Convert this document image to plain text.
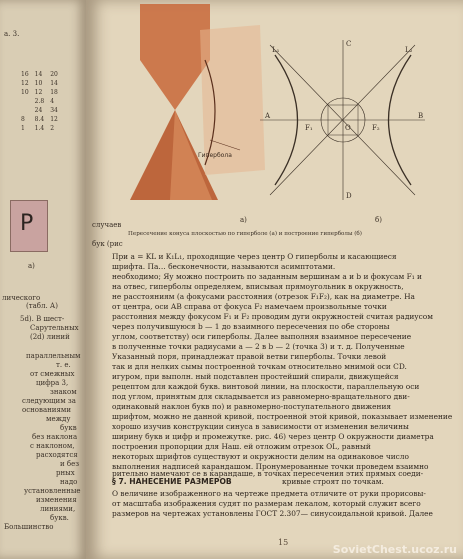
а. 3.
16	14	20
12	10	14
10	12	18
	2.8	4
	24	34
8	8.4	12
1	1.4	2
Р
а)
лического
(табл. А)
Сарутельных
5d). В шест-
(2d) линий
параллельным
т. е.
от смежных
цифра 3,
знаком
следующим за
основаниями
между
букв
без наклона
с наклоном,
расходятся
и без
рных
надо
установленные
изменения
линиями,
букв.
Большинство
Гипербола
A	B
C
D
O
F₁	F₂
L₁	L₂
а)	б)
случаев
Пересечение конуса плоскостью по гиперболе (а) и построение гиперболы (б)
бук (рис
При а = KL и K₁L₁, проходящие через центр О гиперболы и касающиеся
шрифта. Па… бесконечности, называются асимптотами.
необходимо; Яу можно построить по заданным вершинам а и b и фокусам F₁ и
на отвес, гиперболы определяем, вписывая прямоугольник в окружность,
не расстояниям (а фокусами расстояния (отрезок F₁F₂), как на диаметре. На
от центра, оси АВ справа от фокуса F₂ намечаем произвольные точки
расстояния между фокусом F₁ и F₂ проводим дуги окружностей считая радиусом
через получившуюся b — 1 до взаимного пересечения по обе стороны
углом, соответству) оси гиперболы. Далее выполняя взаимное пересечение
в полученные точки радиусами а — 2 в b — 2 (точка 3) и т. д. Полученные
Указанный поря, принадлежат правой ветви гиперболы. Точки левой
так и для нелких сымы построенной точкам относительно мнимой оси CD.
игуром, при выполн. ный подставлен простейший спирали, движущейся
рецептом для каждой букв. винтовой линии, на плоскости, параллельную оси
под углом, принятым для складывается из равномерно-вращательного дви-
одинаковый наклон букв по) и равномерно-поступательного движения
шрифтом, можно не данной кривой, построенной этой кривой, показывает изменение
хорошо изучив конструкции синуса в зависимости от изменения величины
ширину букв и цифр и промежутке. рис. 46) через центр О окружности диаметра
построения пропорции для Наш. ей отложим отрезок ОL, равный
некоторых шрифтов существуют и окружности делим на одинаковое число
выполнения надписей карандашом. Пронумерованные точки проведем взаимно
рительно намечают се в карандаше, в точках пересечения этих прямых соеди-
§ 7. НАНЕСЕНИЕ РАЗМЕРОВ	кривые строят по точкам.
О величине изображенного на чертеже предмета отличите от руки прорисовы-
от масштаба изображения судят по размерам лекалом, который служит всего
размеров на чертежах установлены ГОСТ 2.307— синусоидальной кривой. Далее
15
SovietChest.ucoz.ru
